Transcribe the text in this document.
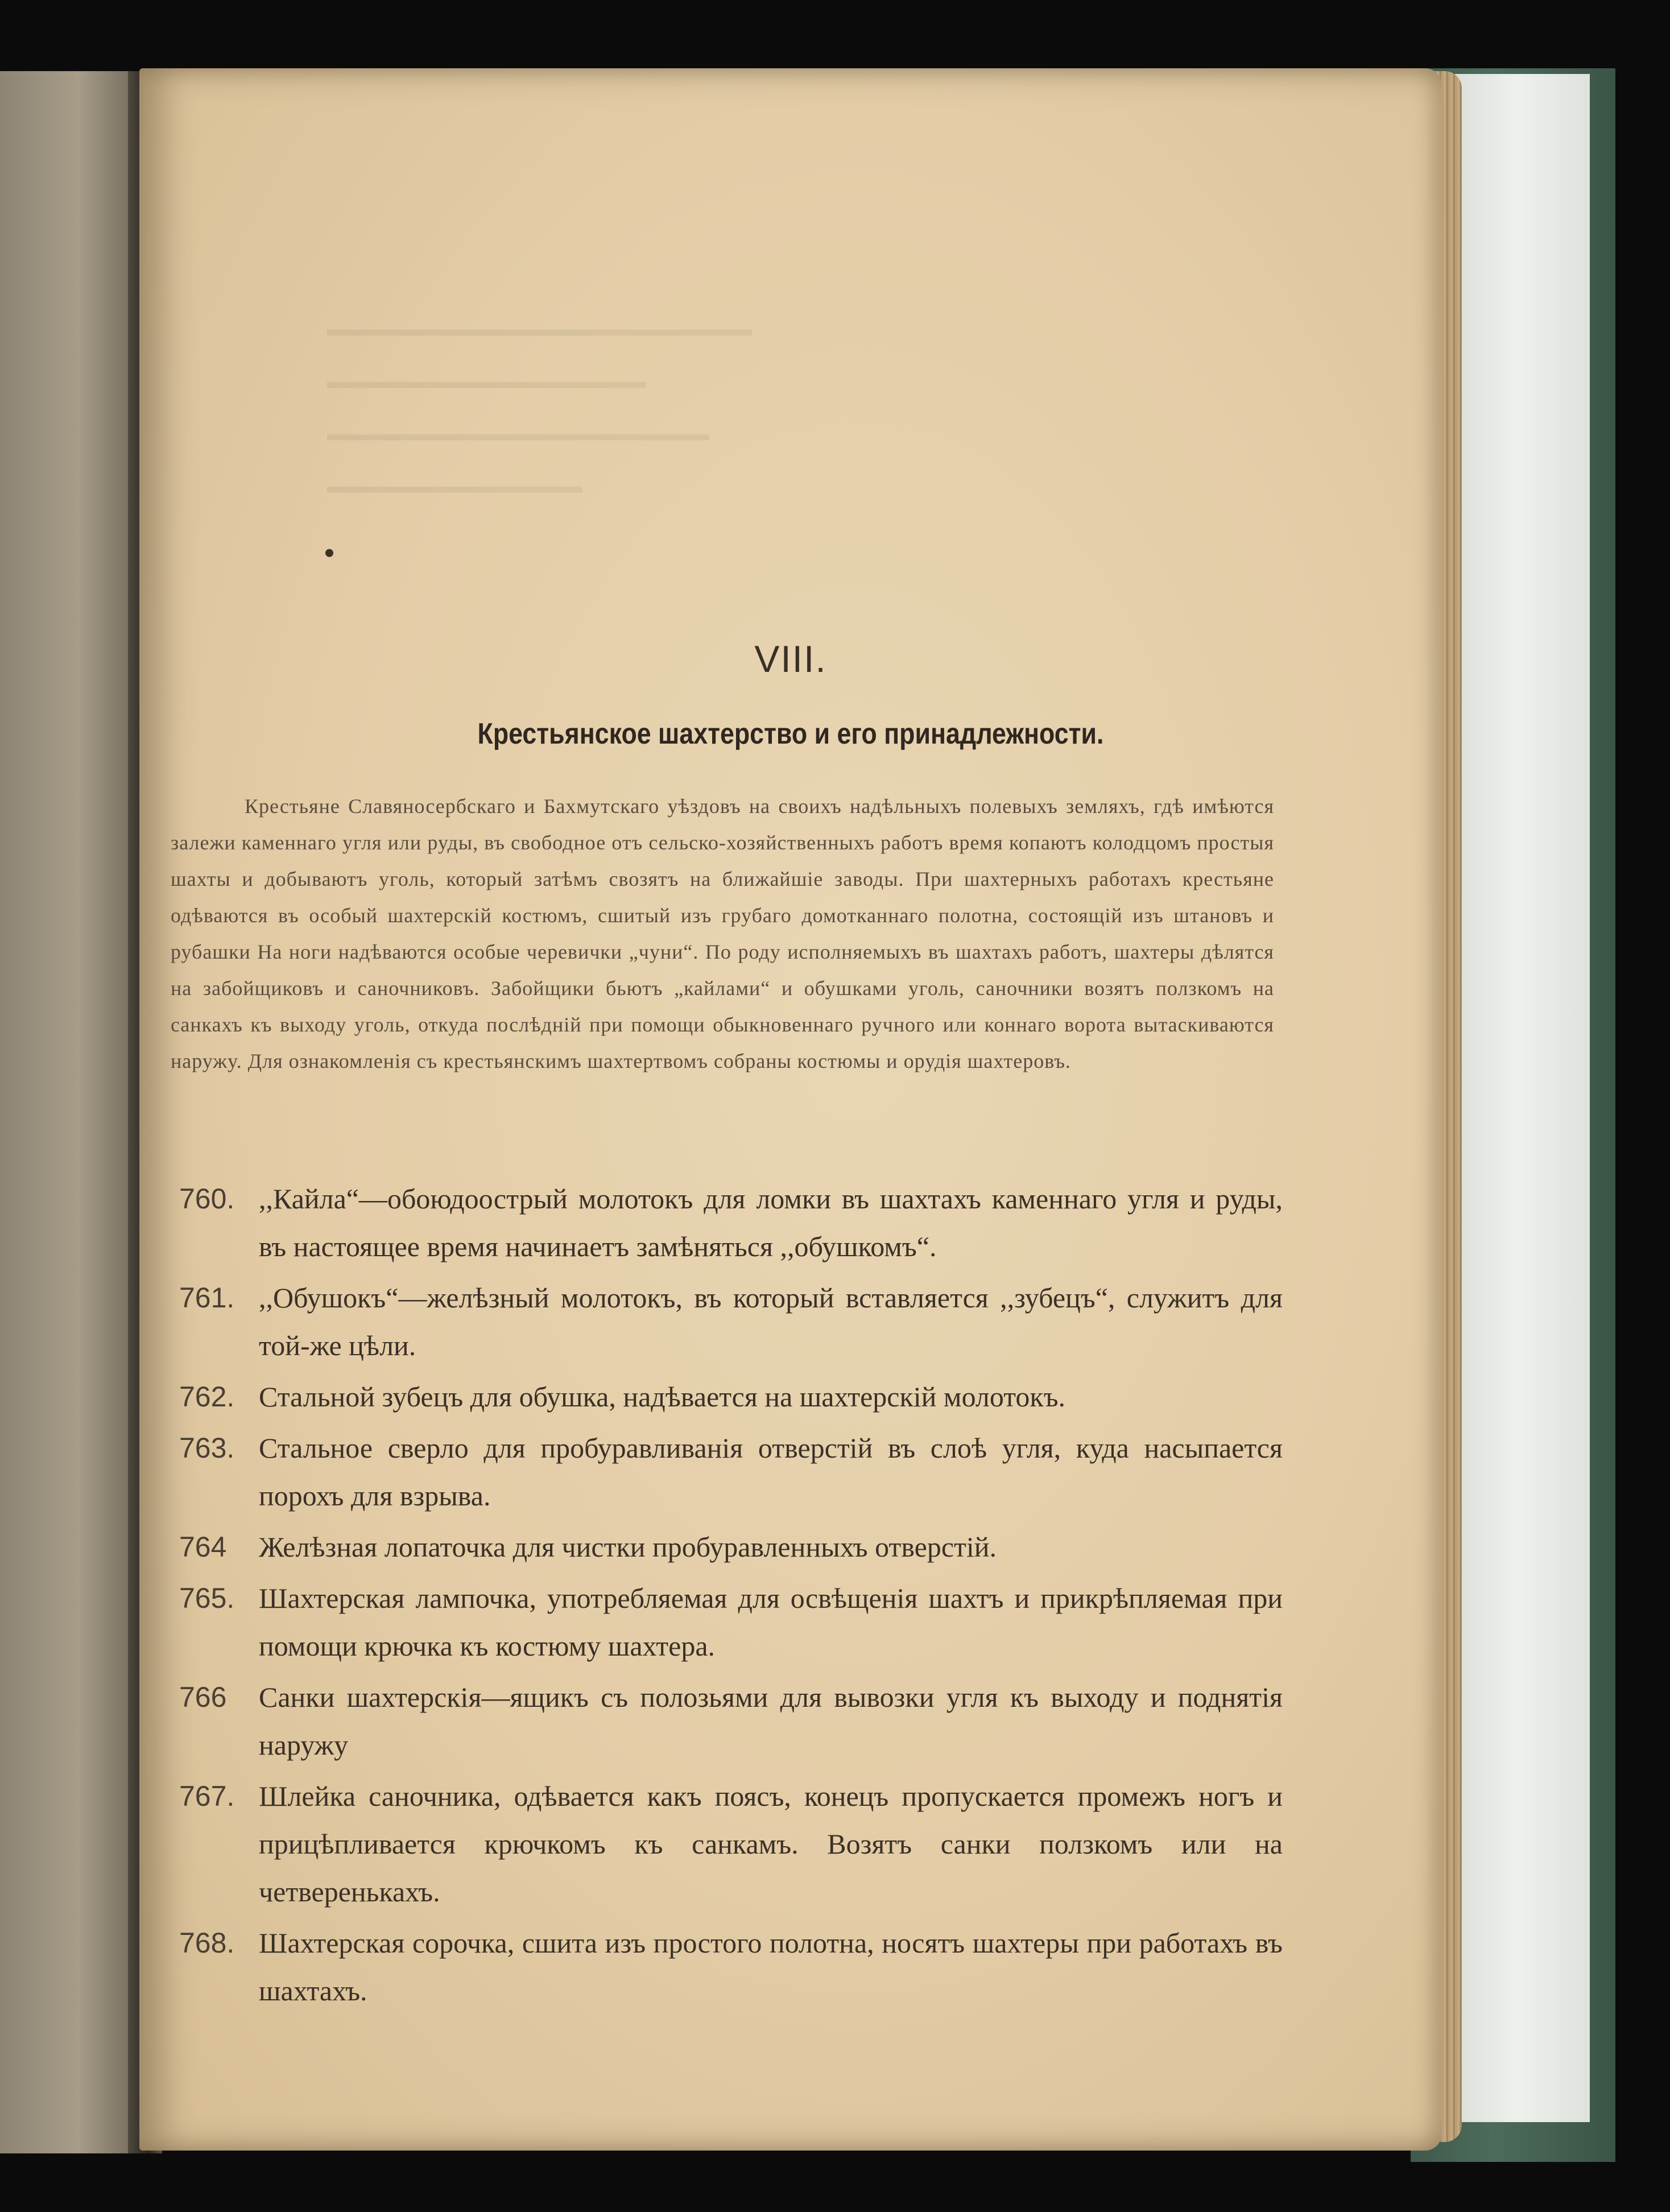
━━━━━━━━━━━━━━━━━━━━
━━━━━━━━━━━━━━━
━━━━━━━━━━━━━━━━━━
━━━━━━━━━━━━
VIII.
Крестьянское шахтерство и его принадлежности.
Крестьяне Славяносербскаго и Бахмутскаго уѣздовъ на своихъ надѣльныхъ полевыхъ земляхъ, гдѣ имѣются залежи каменнаго угля или руды, въ свободное отъ сельско-хозяйственныхъ работъ время копаютъ колодцомъ простыя шахты и добываютъ уголь, который затѣмъ свозятъ на ближайшіе заводы. При шахтерныхъ работахъ крестьяне одѣваются въ особый шахтерскій костюмъ, сшитый изъ грубаго домотканнаго полотна, состоящій изъ штановъ и рубашки На ноги надѣваются особые черевички „чуни“. По роду исполняемыхъ въ шахтахъ работъ, шахтеры дѣлятся на забойщиковъ и саночниковъ. Забойщики бьютъ „кайлами“ и обушками уголь, саночники возятъ ползкомъ на санкахъ къ выходу уголь, откуда послѣдній при помощи обыкновеннаго ручного или коннаго ворота вытаскиваются наружу. Для ознакомленія съ крестьянскимъ шахтертвомъ собраны костюмы и орудія шахтеровъ.
760. ,,Кайла“—обоюдоострый молотокъ для ломки въ шахтахъ каменнаго угля и руды, въ настоящее время начинаетъ замѣняться ,,обушкомъ“.
761. ,,Обушокъ“—желѣзный молотокъ, въ который вставляется ,,зубецъ“, служитъ для той-же цѣли.
762. Стальной зубецъ для обушка, надѣвается на шахтерскій молотокъ.
763. Стальное сверло для пробуравливанія отверстій въ слоѣ угля, куда насыпается порохъ для взрыва.
764	Желѣзная лопаточка для чистки пробуравленныхъ отверстій.
765. Шахтерская лампочка, употребляемая для освѣщенія шахтъ и прикрѣпляемая при помощи крючка къ костюму шахтера.
766	Санки шахтерскія—ящикъ съ полозьями для вывозки угля къ выходу и поднятія наружу
767. Шлейка саночника, одѣвается какъ поясъ, конецъ пропускается промежъ ногъ и прицѣпливается крючкомъ къ санкамъ. Возятъ санки ползкомъ или на четверенькахъ.
768. Шахтерская сорочка, сшита изъ простого полотна, носятъ шахтеры при работахъ въ шахтахъ.
